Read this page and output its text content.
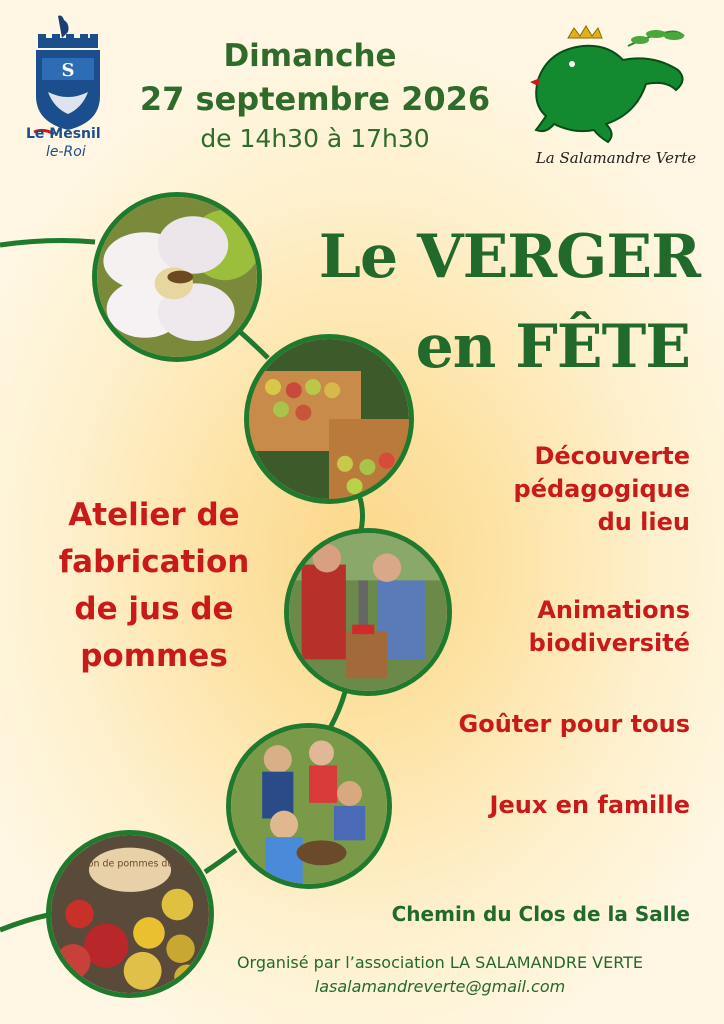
S
Le Mesnil
le-Roi
Dimanche
27 septembre 2026
de 14h30 à 17h30
La Salamandre Verte
Le VERGER
en FÊTE
Découverte
pédagogique
du lieu
Animations
biodiversité
Goûter pour tous
Jeux en famille
Atelier de
fabrication
de jus de
pommes
Collection de pommes du verger
Chemin du Clos de la Salle
Organisé par l’association LA SALAMANDRE VERTE
lasalamandreverte@gmail.com
